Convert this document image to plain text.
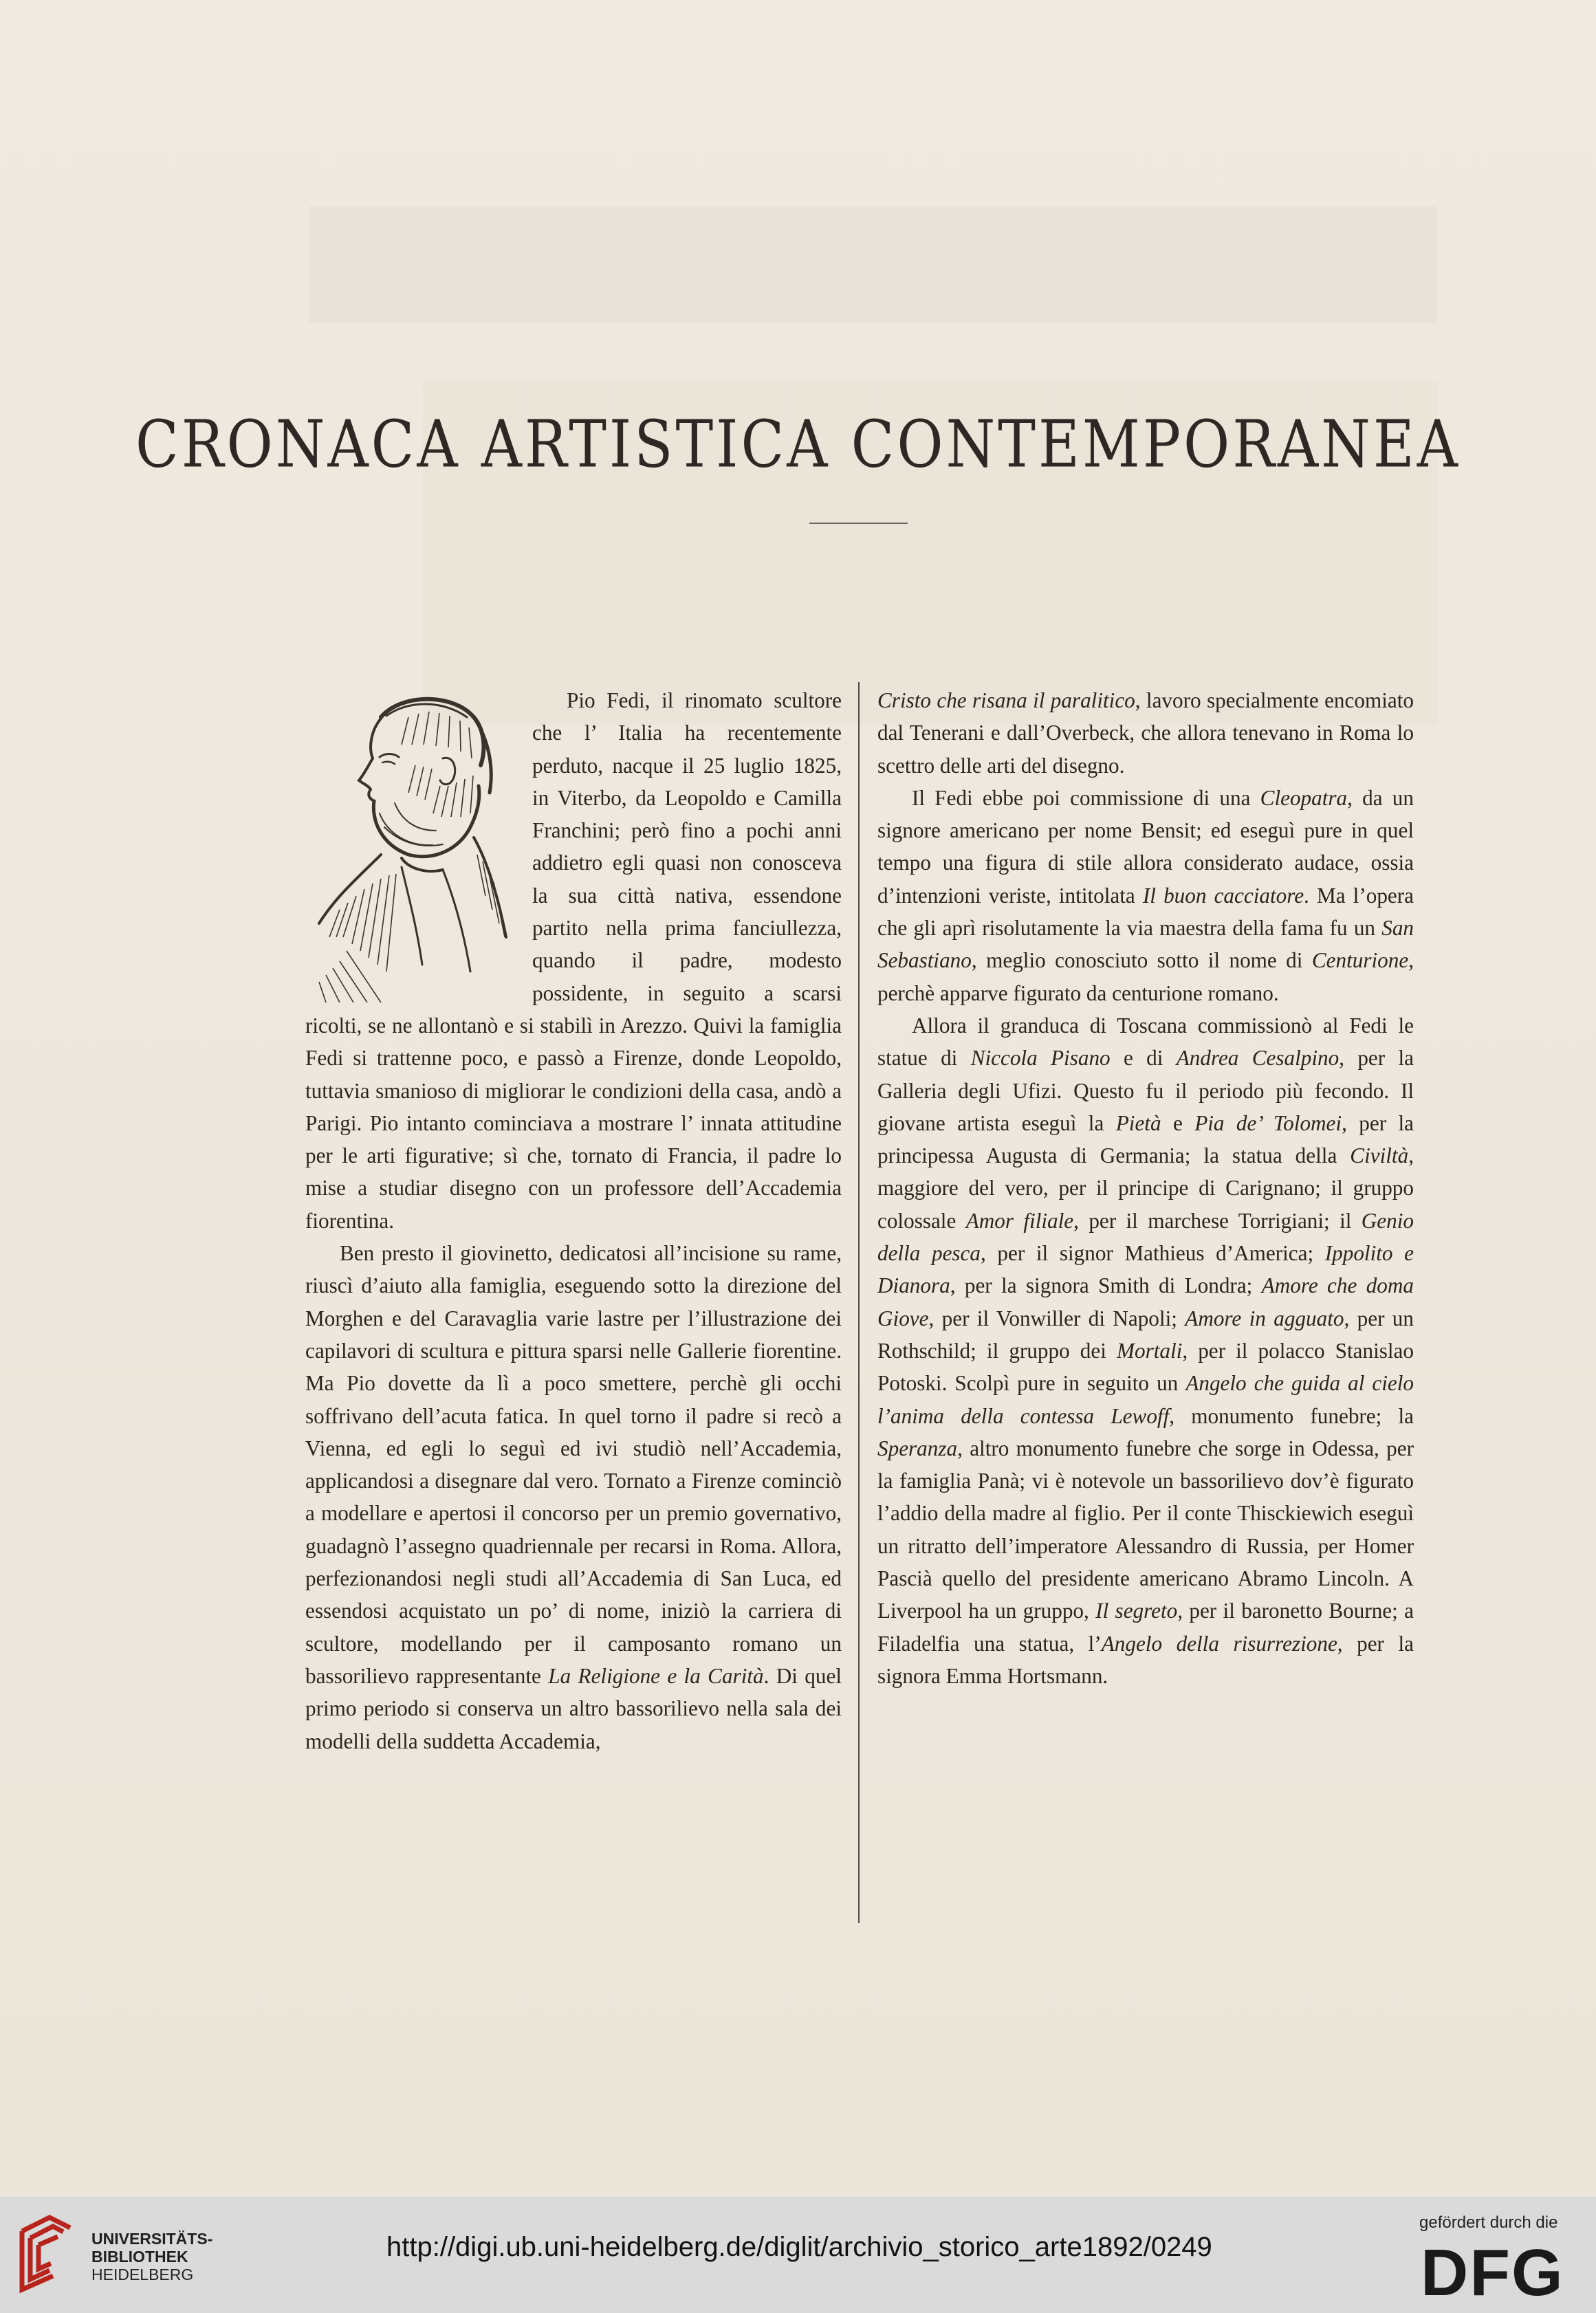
CRONACA ARTISTICA CONTEMPORANEA

Pio Fedi, il rinomato scultore che l’ Italia ha recentemente perduto, nacque il 25 luglio 1825, in Viterbo, da Leopoldo e Camilla Franchini; però fino a pochi anni addietro egli quasi non conosceva la sua città nativa, essendone partito nella prima fanciullezza, quando il padre, modesto possidente, in seguito a scarsi ricolti, se ne allontanò e si stabilì in Arezzo. Quivi la famiglia Fedi si trattenne poco, e passò a Firenze, donde Leopoldo, tuttavia smanioso di migliorar le condizioni della casa, andò a Parigi. Pio intanto cominciava a mostrare l’ innata attitudine per le arti figurative; sì che, tornato di Francia, il padre lo mise a studiar disegno con un professore dell’Accademia fiorentina.

Ben presto il giovinetto, dedicatosi all’incisione su rame, riuscì d’aiuto alla famiglia, eseguendo sotto la direzione del Morghen e del Caravaglia varie lastre per l’illustrazione dei capilavori di scultura e pittura sparsi nelle Gallerie fiorentine. Ma Pio dovette da lì a poco smettere, perchè gli occhi soffrivano dell’acuta fatica. In quel torno il padre si recò a Vienna, ed egli lo seguì ed ivi studiò nell’Accademia, applicandosi a disegnare dal vero. Tornato a Firenze cominciò a modellare e apertosi il concorso per un premio governativo, guadagnò l’assegno quadriennale per recarsi in Roma. Allora, perfezionandosi negli studi all’Accademia di San Luca, ed essendosi acquistato un po’ di nome, iniziò la carriera di scultore, modellando per il camposanto romano un bassorilievo rappresentante La Religione e la Carità. Di quel primo periodo si conserva un altro bassorilievo nella sala dei modelli della suddetta Accademia,

Cristo che risana il paralitico, lavoro specialmente encomiato dal Tenerani e dall’Overbeck, che allora tenevano in Roma lo scettro delle arti del disegno.

Il Fedi ebbe poi commissione di una Cleopatra, da un signore americano per nome Bensit; ed eseguì pure in quel tempo una figura di stile allora considerato audace, ossia d’intenzioni veriste, intitolata Il buon cacciatore. Ma l’opera che gli aprì risolutamente la via maestra della fama fu un San Sebastiano, meglio conosciuto sotto il nome di Centurione, perchè apparve figurato da centurione romano.

Allora il granduca di Toscana commissionò al Fedi le statue di Niccola Pisano e di Andrea Cesalpino, per la Galleria degli Ufizi. Questo fu il periodo più fecondo. Il giovane artista eseguì la Pietà e Pia de’ Tolomei, per la principessa Augusta di Germania; la statua della Civiltà, maggiore del vero, per il principe di Carignano; il gruppo colossale Amor filiale, per il marchese Torrigiani; il Genio della pesca, per il signor Mathieus d’America; Ippolito e Dianora, per la signora Smith di Londra; Amore che doma Giove, per il Vonwiller di Napoli; Amore in agguato, per un Rothschild; il gruppo dei Mortali, per il polacco Stanislao Potoski. Scolpì pure in seguito un Angelo che guida al cielo l’anima della contessa Lewoff, monumento funebre; la Speranza, altro monumento funebre che sorge in Odessa, per la famiglia Panà; vi è notevole un bassorilievo dov’è figurato l’addio della madre al figlio. Per il conte Thisckiewich eseguì un ritratto dell’imperatore Alessandro di Russia, per Homer Pascià quello del presidente americano Abramo Lincoln. A Liverpool ha un gruppo, Il segreto, per il baronetto Bourne; a Filadelfia una statua, l’Angelo della risurrezione, per la signora Emma Hortsmann.

UNIVERSITÄTS-
BIBLIOTHEK
HEIDELBERG
http://digi.ub.uni-heidelberg.de/diglit/archivio_storico_arte1892/0249
gefördert durch die
DFG
